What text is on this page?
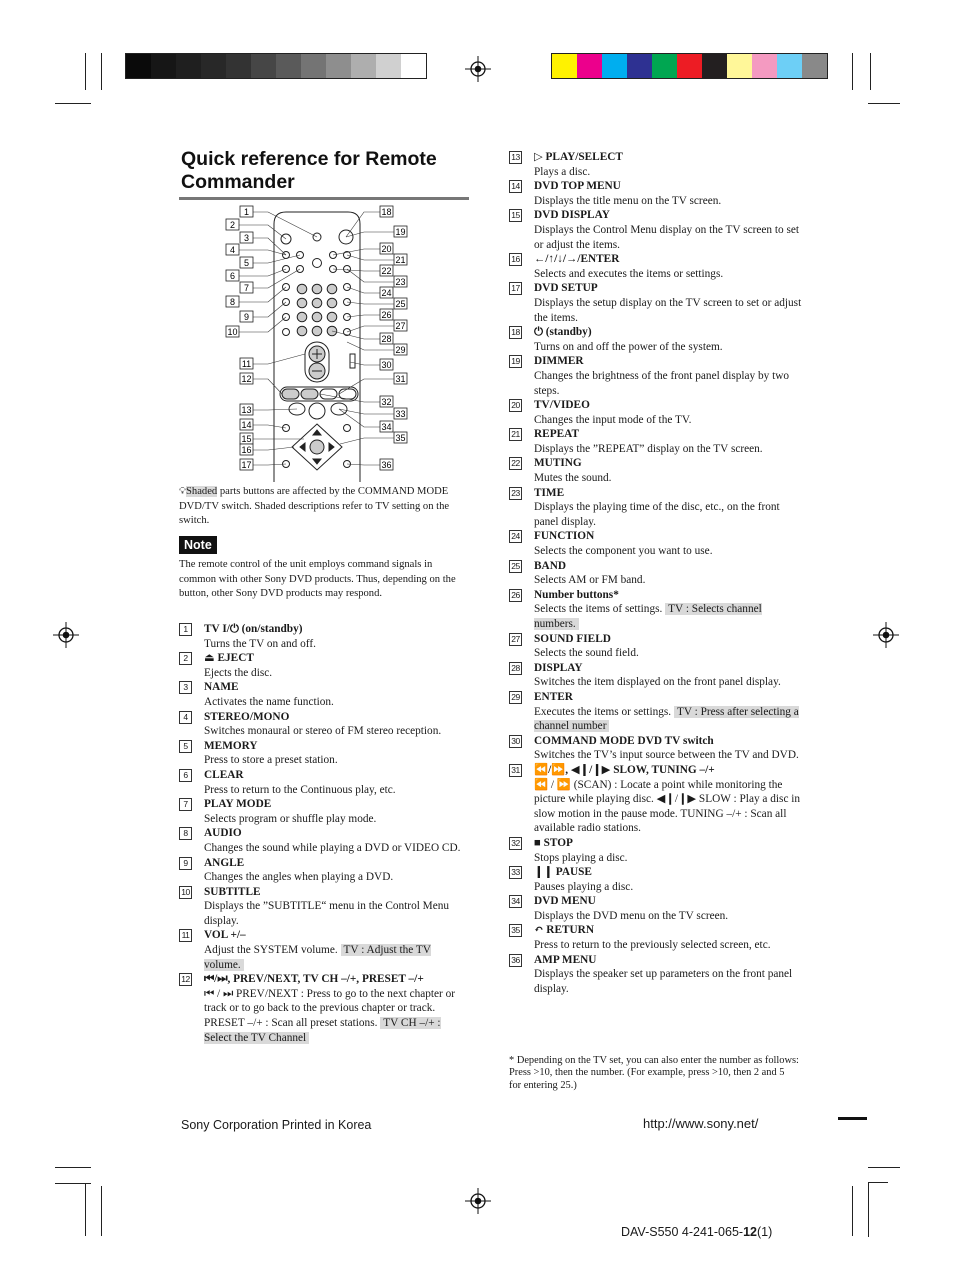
Quick reference for Remote Commander
1
2
3
4
5
6
7
8
9
10
11
12
13
14
15
16
17
18
19
20
21
22
23
24
25
26
27
28
29
30
31
32
33
34
35
36
💡︎Shaded parts buttons are affected by the COMMAND MODE DVD/TV switch. Shaded descriptions refer to TV setting on the switch.
Note
The remote control of the unit employs command signals in common with other Sony DVD products. Thus, depending on the button, other Sony DVD products may respond.
1	TV I/⏻ (on/standby)
Turns the TV on and off.
2	⏏ EJECT
Ejects the disc.
3	NAME
Activates the name function.
4	STEREO/MONO
Switches monaural or stereo of FM stereo reception.
5	MEMORY
Press to store a preset station.
6	CLEAR
Press to return to the Continuous play, etc.
7	PLAY MODE
Selects program or shuffle play mode.
8	AUDIO
Changes the sound while playing a DVD or VIDEO CD.
9	ANGLE
Changes the angles when playing a DVD.
10 SUBTITLE
Displays the ”SUBTITLE“ menu in the Control Menu display.
11 VOL +/–
Adjust the SYSTEM volume. TV : Adjust the TV volume.
12 ⏮/⏭, PREV/NEXT, TV CH –/+, PRESET –/+
⏮ / ⏭ PREV/NEXT : Press to go to the next chapter or track or to go back to the previous chapter or track. PRESET –/+ : Scan all preset stations. TV CH –/+ : Select the TV Channel
13 ▷ PLAY/SELECT
Plays a disc.
14 DVD TOP MENU
Displays the title menu on the TV screen.
15 DVD DISPLAY
Displays the Control Menu display on the TV screen to set or adjust the items.
16 ←/↑/↓/→/ENTER
Selects and executes the items or settings.
17 DVD SETUP
Displays the setup display on the TV screen to set or adjust the items.
18 ⏻ (standby)
Turns on and off the power of the system.
19 DIMMER
Changes the brightness of the front panel display by two steps.
20 TV/VIDEO
Changes the input mode of the TV.
21 REPEAT
Displays the ”REPEAT” display on the TV screen.
22 MUTING
Mutes the sound.
23 TIME
Displays the playing time of the disc, etc., on the front panel display.
24 FUNCTION
Selects the component you want to use.
25 BAND
Selects AM or FM band.
26 Number buttons*
Selects the items of settings. TV : Selects channel numbers.
27 SOUND FIELD
Selects the sound field.
28 DISPLAY
Switches the item displayed on the front panel display.
29 ENTER
Executes the items or settings. TV : Press after selecting a channel number
30 COMMAND MODE DVD TV switch
Switches the TV’s input source between the TV and DVD.
31 ⏪/⏩, ◀❙/❙▶ SLOW, TUNING –/+
⏪ / ⏩ (SCAN) : Locate a point while monitoring the picture while playing disc. ◀❙/❙▶ SLOW : Play a disc in slow motion in the pause mode. TUNING –/+ : Scan all available radio stations.
32 ■ STOP
Stops playing a disc.
33 ❙❙ PAUSE
Pauses playing a disc.
34 DVD MENU
Displays the DVD menu on the TV screen.
35 ↶ RETURN
Press to return to the previously selected screen, etc.
36 AMP MENU
Displays the speaker set up parameters on the front panel display.
* Depending on the TV set, you can also enter the number as follows: Press >10, then the number. (For example, press >10, then 2 and 5 for entering 25.)
Sony Corporation Printed in Korea	http://www.sony.net/
DAV-S550 4-241-065-12(1)
